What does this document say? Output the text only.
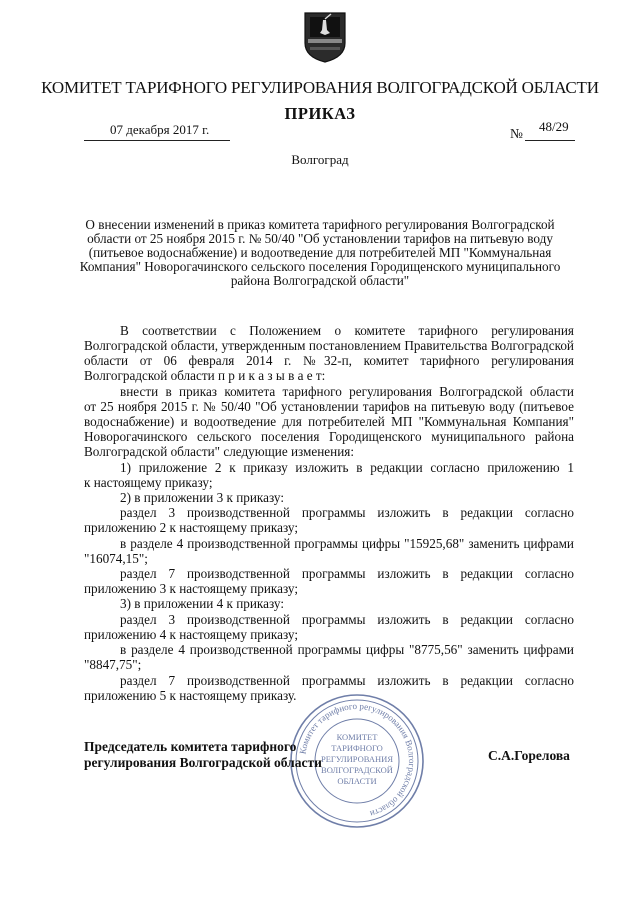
КОМИТЕТ ТАРИФНОГО РЕГУЛИРОВАНИЯ ВОЛГОГРАДСКОЙ ОБЛАСТИ
ПРИКАЗ
07 декабря 2017 г.	№ 48/29
Волгоград
О внесении изменений в приказ комитета тарифного регулирования Волгоградской
области от 25 ноября 2015 г. № 50/40 "Об установлении тарифов на питьевую воду
(питьевое водоснабжение) и водоотведение для потребителей МП "Коммунальная
Компания" Новорогачинского сельского поселения Городищенского муниципального
района Волгоградской области"
В соответствии с Положением о комитете тарифного регулирования
Волгоградской области, утвержденным постановлением Правительства Волгоградской
области от 06 февраля 2014 г. №32-п, комитет тарифного регулирования
Волгоградской области п р и к а з ы в а е т:
внести в приказ комитета тарифного регулирования Волгоградской области
от 25 ноября 2015 г. № 50/40 "Об установлении тарифов на питьевую воду (питьевое
водоснабжение) и водоотведение для потребителей МП "Коммунальная Компания"
Новорогачинского сельского поселения Городищенского муниципального района
Волгоградской области" следующие изменения:
1) приложение 2 к приказу изложить в редакции согласно приложению 1
к настоящему приказу;
2) в приложении 3 к приказу:
раздел 3 производственной программы изложить в редакции согласно
приложению 2 к настоящему приказу;
в разделе 4 производственной программы цифры "15925,68" заменить цифрами
"16074,15";
раздел 7 производственной программы изложить в редакции согласно
приложению 3 к настоящему приказу;
3) в приложении 4 к приказу:
раздел 3 производственной программы изложить в редакции согласно
приложению 4 к настоящему приказу;
в разделе 4 производственной программы цифры "8775,56" заменить цифрами
"8847,75";
раздел 7 производственной программы изложить в редакции согласно
приложению 5 к настоящему приказу.
Комитет тарифного регулирования Волгоградской области
КОМИТЕТ
ТАРИФНОГО
РЕГУЛИРОВАНИЯ
ВОЛГОГРАДСКОЙ
ОБЛАСТИ
Председатель комитета тарифного
регулирования Волгоградской области	С.А.Горелова
